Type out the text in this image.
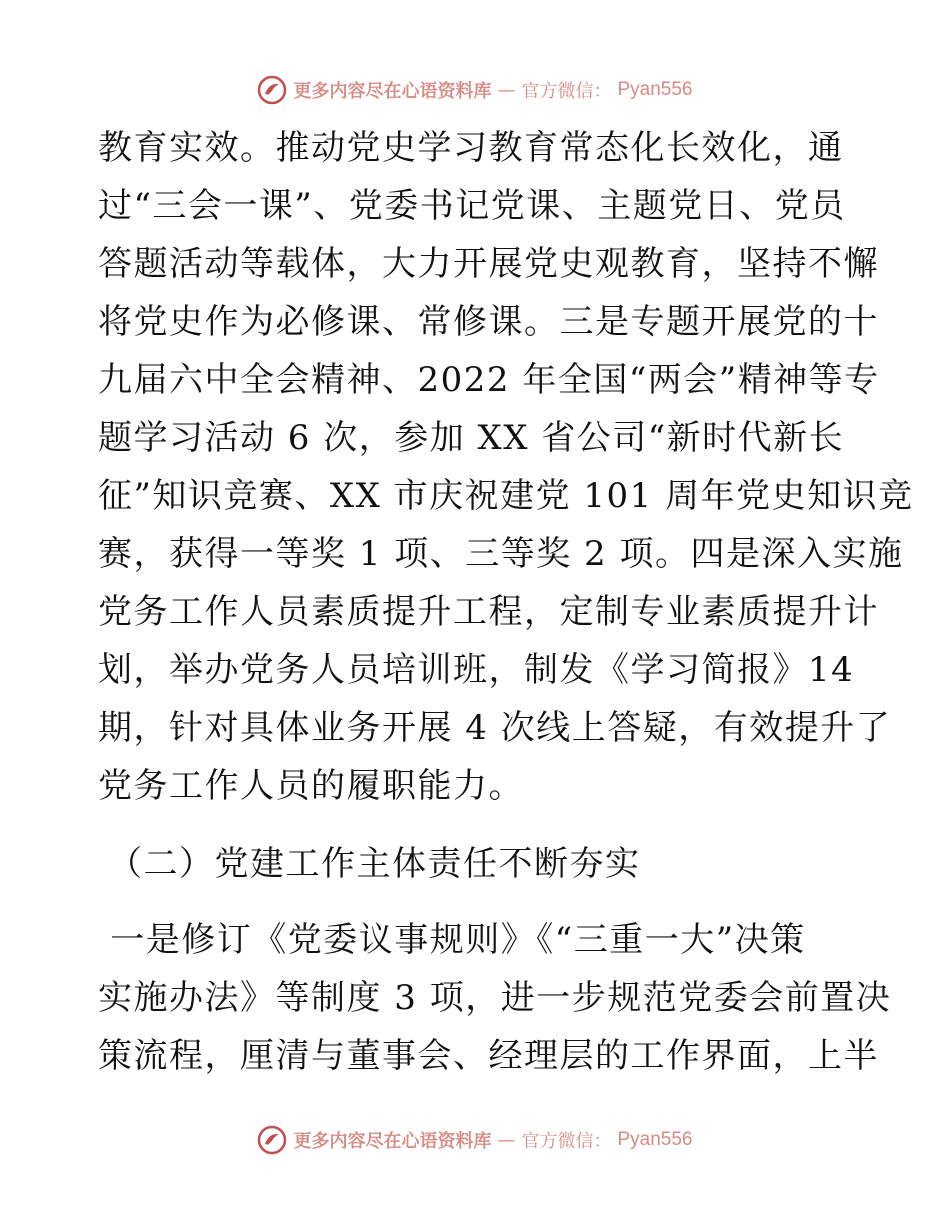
更多内容尽在心语资料库 — 官方微信： Pyan556
教育实效。推动党史学习教育常态化长效化，通
过“三会一课”、党委书记党课、主题党日、党员
答题活动等载体，大力开展党史观教育，坚持不懈
将党史作为必修课、常修课。三是专题开展党的十
九届六中全会精神、2022 年全国“两会”精神等专
题学习活动 6 次，参加 XX 省公司“新时代新长
征”知识竞赛、XX 市庆祝建党 101 周年党史知识竞
赛，获得一等奖 1 项、三等奖 2 项。四是深入实施
党务工作人员素质提升工程，定制专业素质提升计
划，举办党务人员培训班，制发《学习简报》14
期，针对具体业务开展 4 次线上答疑，有效提升了
党务工作人员的履职能力。
（二）党建工作主体责任不断夯实
一是修订《党委议事规则》《“三重一大”决策
实施办法》等制度 3 项，进一步规范党委会前置决
策流程，厘清与董事会、经理层的工作界面，上半
更多内容尽在心语资料库 — 官方微信： Pyan556
